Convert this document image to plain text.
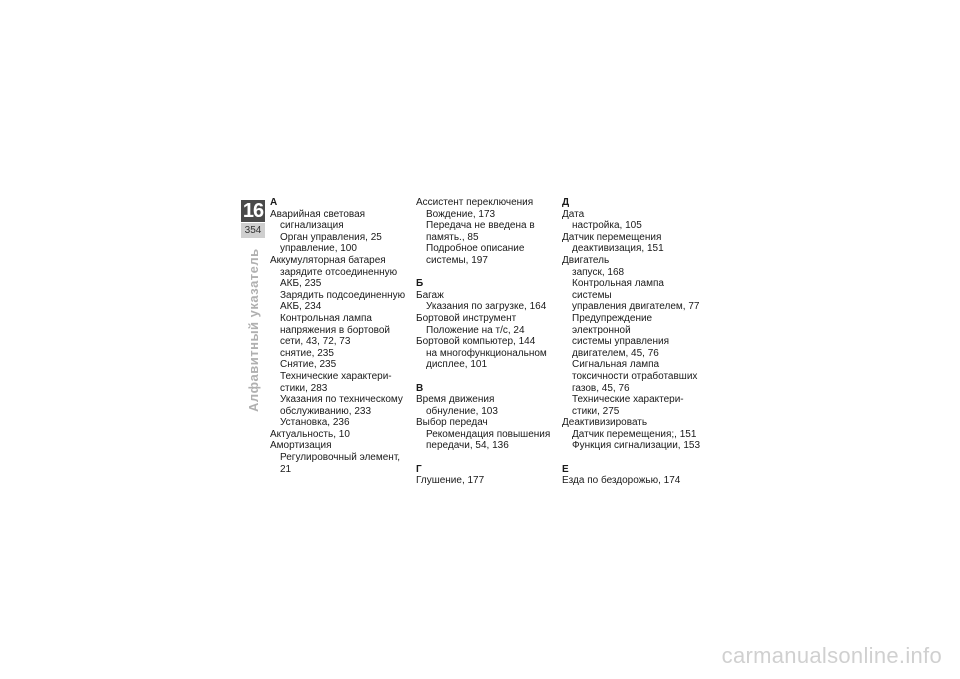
16
354
Алфавитный указатель
А
Аварийная световая
сигнализация
Орган управления, 25
управление, 100
Аккумуляторная батарея
зарядите отсоединенную
АКБ, 235
Зарядить подсоединенную
АКБ, 234
Контрольная лампа
напряжения в бортовой
сети, 43, 72, 73
снятие, 235
Снятие, 235
Технические характери-
стики, 283
Указания по техническому
обслуживанию, 233
Установка, 236
Актуальность, 10
Амортизация
Регулировочный элемент, 21
Ассистент переключения
Вождение, 173
Передача не введена в
память., 85
Подробное описание
системы, 197
Б
Багаж
Указания по загрузке, 164
Бортовой инструмент
Положение на т/с, 24
Бортовой компьютер, 144
на многофункциональном
дисплее, 101
В
Время движения
обнуление, 103
Выбор передач
Рекомендация повышения
передачи, 54, 136
Г
Глушение, 177
Д
Дата
настройка, 105
Датчик перемещения
деактивизация, 151
Двигатель
запуск, 168
Контрольная лампа системы
управления двигателем, 77
Предупреждение электронной
системы управления
двигателем, 45, 76
Сигнальная лампа
токсичности отработавших
газов, 45, 76
Технические характери-
стики, 275
Деактивизировать
Датчик перемещения;, 151
Функция сигнализации, 153
Е
Езда по бездорожью, 174
carmanualsonline.info
